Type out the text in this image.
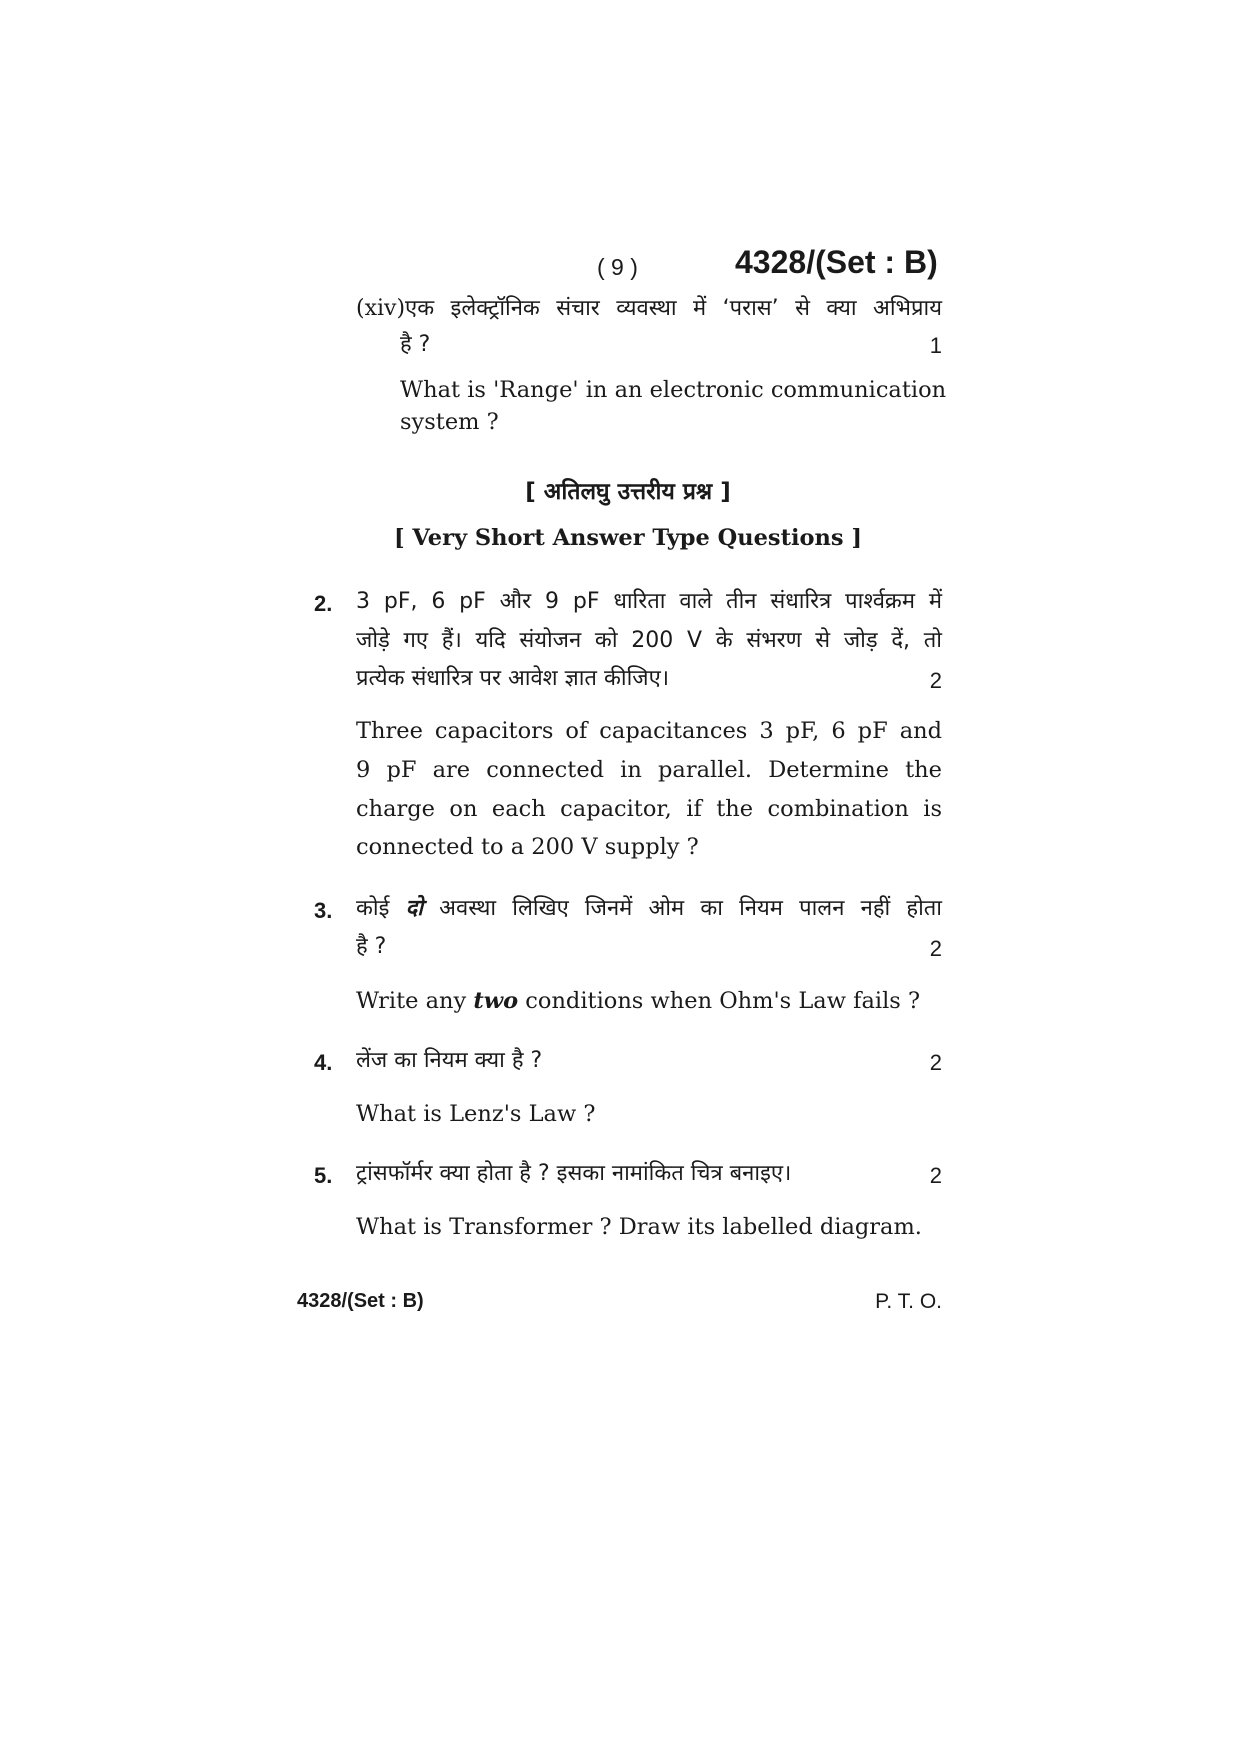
( 9 )	4328/(Set : B)
(xiv)एक इलेक्ट्रॉनिक संचार व्यवस्था में ‘परास’ से क्या अभिप्राय
है ?	1
What is 'Range' in an electronic communication
system ?
[ अतिलघु उत्तरीय प्रश्न ]
[ Very Short Answer Type Questions ]
2. 3 pF, 6 pF और 9 pF धारिता वाले तीन संधारित्र पार्श्वक्रम में
जोड़े गए हैं। यदि संयोजन को 200 V के संभरण से जोड़ दें, तो
प्रत्येक संधारित्र पर आवेश ज्ञात कीजिए।	2
Three capacitors of capacitances 3 pF, 6 pF and
9 pF are connected in parallel. Determine the
charge on each capacitor, if the combination is
connected to a 200 V supply ?
3. कोई दो अवस्था लिखिए जिनमें ओम का नियम पालन नहीं होता
है ?	2
Write any two conditions when Ohm's Law fails ?
4. लेंज का नियम क्या है ?	2
What is Lenz's Law ?
5. ट्रांसफॉर्मर क्या होता है ? इसका नामांकित चित्र बनाइए।	2
What is Transformer ? Draw its labelled diagram.
4328/(Set : B)	P. T. O.
